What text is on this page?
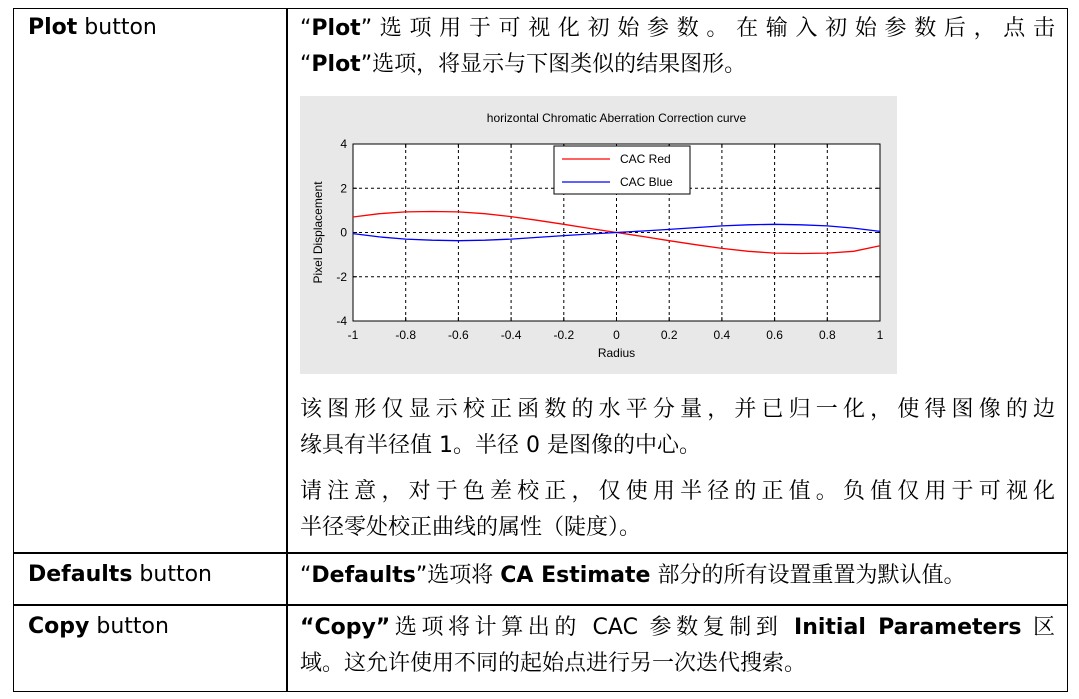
Plot button	“Plot”选项用于可视化初始参数。在输入初始参数后，点击
“Plot”选项，将显示与下图类似的结果图形。
-1	-0.8	-0.6	-0.4	-0.2	0	0.2	0.4	0.6	0.8	1
-4
-2
0
2
4
horizontal Chromatic Aberration Correction curve
Radius
Pixel Displacement
CAC Red
CAC Blue
该图形仅显示校正函数的水平分量，并已归一化，使得图像的边
缘具有半径值 1。半径 0 是图像的中心。
请注意，对于色差校正，仅使用半径的正值。负值仅用于可视化
半径零处校正曲线的属性（陡度）。
Defaults button	“Defaults”选项将 CA Estimate 部分的所有设置重置为默认值。
Copy button	“Copy”选项将计算出的 CAC 参数复制到 Initial Parameters 区
域。这允许使用不同的起始点进行另一次迭代搜索。
